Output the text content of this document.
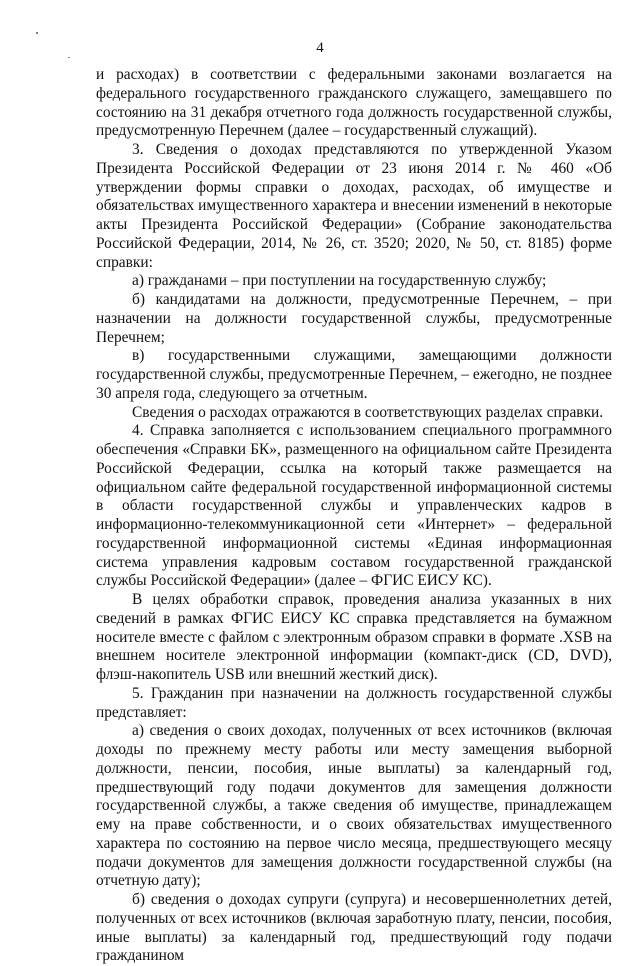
4

и расходах) в соответствии с федеральными законами возлагается на федерального государственного гражданского служащего, замещавшего по состоянию на 31 декабря отчетного года должность государственной службы, предусмотренную Перечнем (далее – государственный служащий).

3. Сведения о доходах представляются по утвержденной Указом Президента Российской Федерации от 23 июня 2014 г. № 460 «Об утверждении формы справки о доходах, расходах, об имуществе и обязательствах имущественного характера и внесении изменений в некоторые акты Президента Российской Федерации» (Собрание законодательства Российской Федерации, 2014, № 26, ст. 3520; 2020, № 50, ст. 8185) форме справки:

а) гражданами – при поступлении на государственную службу;

б) кандидатами на должности, предусмотренные Перечнем, – при назначении на должности государственной службы, предусмотренные Перечнем;

в) государственными служащими, замещающими должности государственной службы, предусмотренные Перечнем, – ежегодно, не позднее 30 апреля года, следующего за отчетным.

Сведения о расходах отражаются в соответствующих разделах справки.

4. Справка заполняется с использованием специального программного обеспечения «Справки БК», размещенного на официальном сайте Президента Российской Федерации, ссылка на который также размещается на официальном сайте федеральной государственной информационной системы в области государственной службы и управленческих кадров в информационно-телекоммуникационной сети «Интернет» – федеральной государственной информационной системы «Единая информационная система управления кадровым составом государственной гражданской службы Российской Федерации» (далее – ФГИС ЕИСУ КС).

В целях обработки справок, проведения анализа указанных в них сведений в рамках ФГИС ЕИСУ КС справка представляется на бумажном носителе вместе с файлом с электронным образом справки в формате .XSB на внешнем носителе электронной информации (компакт-диск (CD, DVD), флэш-накопитель USB или внешний жесткий диск).

5. Гражданин при назначении на должность государственной службы представляет:

а) сведения о своих доходах, полученных от всех источников (включая доходы по прежнему месту работы или месту замещения выборной должности, пенсии, пособия, иные выплаты) за календарный год, предшествующий году подачи документов для замещения должности государственной службы, а также сведения об имуществе, принадлежащем ему на праве собственности, и о своих обязательствах имущественного характера по состоянию на первое число месяца, предшествующего месяцу подачи документов для замещения должности государственной службы (на отчетную дату);

б) сведения о доходах супруги (супруга) и несовершеннолетних детей, полученных от всех источников (включая заработную плату, пенсии, пособия, иные выплаты) за календарный год, предшествующий году подачи гражданином
